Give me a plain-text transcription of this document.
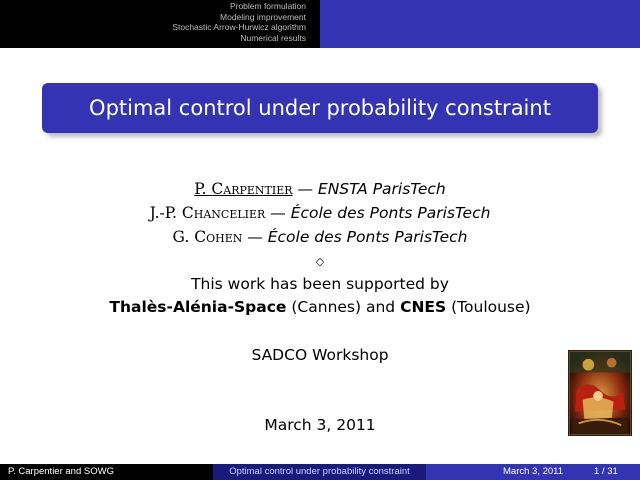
Problem formulation
Modeling improvement
Stochastic Arrow-Hurwicz algorithm
Numerical results
Optimal control under probability constraint
P. Carpentier — ENSTA ParisTech
J.-P. Chancelier — École des Ponts ParisTech
G. Cohen — École des Ponts ParisTech
◇
This work has been supported by
Thalès-Alénia-Space (Cannes) and CNES (Toulouse)
SADCO Workshop
March 3, 2011
P. Carpentier and SOWG	Optimal control under probability constraint	March 3, 2011	1 / 31
